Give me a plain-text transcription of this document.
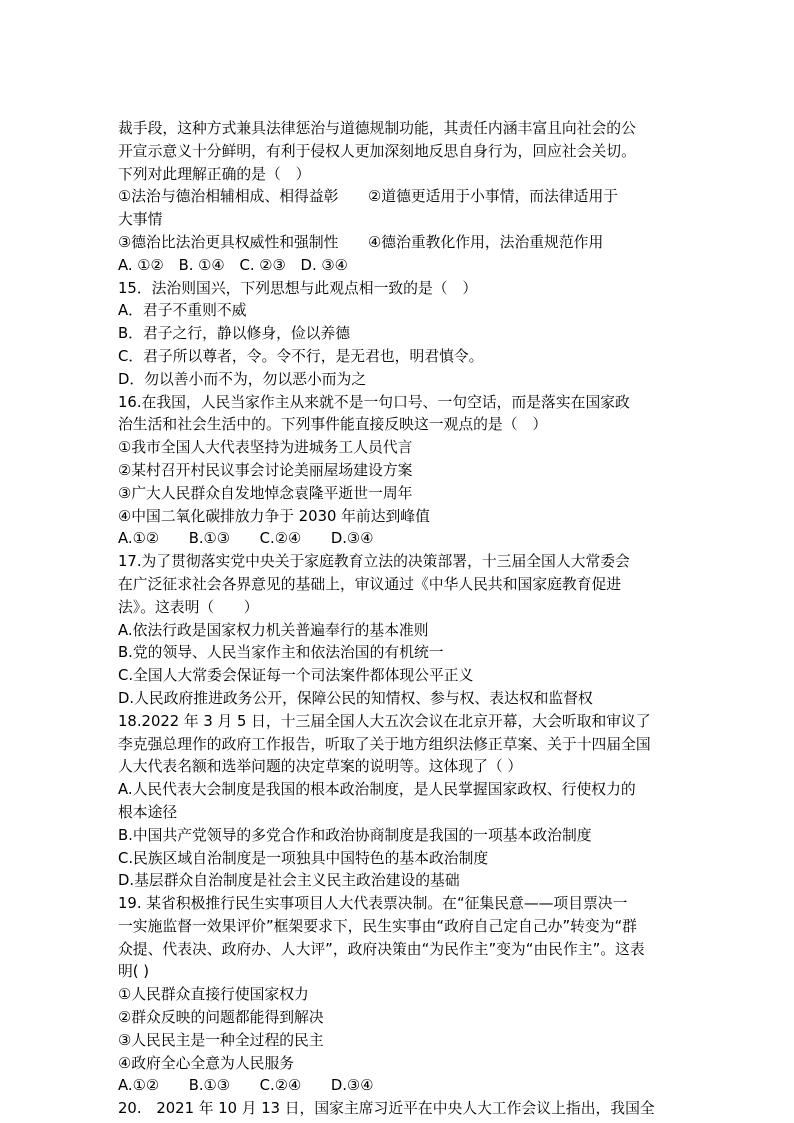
裁手段，这种方式兼具法律惩治与道德规制功能，其责任内涵丰富且向社会的公
开宣示意义十分鲜明，有利于侵权人更加深刻地反思自身行为，回应社会关切。
下列对此理解正确的是（　）
①法治与德治相辅相成、相得益彰　　②道德更适用于小事情，而法律适用于
大事情
③德治比法治更具权威性和强制性　　④德治重教化作用，法治重规范作用
A. ①②　B. ①④　C. ②③　D. ③④
15．法治则国兴，下列思想与此观点相一致的是（　）
A．君子不重则不威
B．君子之行，静以修身，俭以养德
C．君子所以尊者，令。令不行，是无君也，明君慎令。
D．勿以善小而不为，勿以恶小而为之
16.在我国，人民当家作主从来就不是一句口号、一句空话，而是落实在国家政
治生活和社会生活中的。下列事件能直接反映这一观点的是（　）
①我市全国人大代表坚持为进城务工人员代言
②某村召开村民议事会讨论美丽屋场建设方案
③广大人民群众自发地悼念袁隆平逝世一周年
④中国二氧化碳排放力争于 2030 年前达到峰值
A.①②　　B.①③　　C.②④　　D.③④
17.为了贯彻落实党中央关于家庭教育立法的决策部署，十三届全国人大常委会
在广泛征求社会各界意见的基础上，审议通过《中华人民共和国家庭教育促进
法》。这表明（　　）
A.依法行政是国家权力机关普遍奉行的基本准则
B.党的领导、人民当家作主和依法治国的有机统一
C.全国人大常委会保证每一个司法案件都体现公平正义
D.人民政府推进政务公开，保障公民的知情权、参与权、表达权和监督权
18.2022 年 3 月 5 日，十三届全国人大五次会议在北京开幕，大会听取和审议了
李克强总理作的政府工作报告，听取了关于地方组织法修正草案、关于十四届全国
人大代表名额和选举问题的决定草案的说明等。这体现了（ ）
A.人民代表大会制度是我国的根本政治制度，是人民掌握国家政权、行使权力的
根本途径
B.中国共产党领导的多党合作和政治协商制度是我国的一项基本政治制度
C.民族区域自治制度是一项独具中国特色的基本政治制度
D.基层群众自治制度是社会主义民主政治建设的基础
19. 某省积极推行民生实事项目人大代表票决制。在“征集民意——项目票决一
一实施监督一效果评价”框架要求下，民生实事由“政府自己定自己办”转变为“群
众提、代表决、政府办、人大评”，政府决策由“为民作主”变为“由民作主”。这表
明( )
①人民群众直接行使国家权力
②群众反映的问题都能得到解决
③人民民主是一种全过程的民主
④政府全心全意为人民服务
A.①②　　B.①③　　C.②④　　D.③④
20.　2021 年 10 月 13 日，国家主席习近平在中央人大工作会议上指出，我国全
